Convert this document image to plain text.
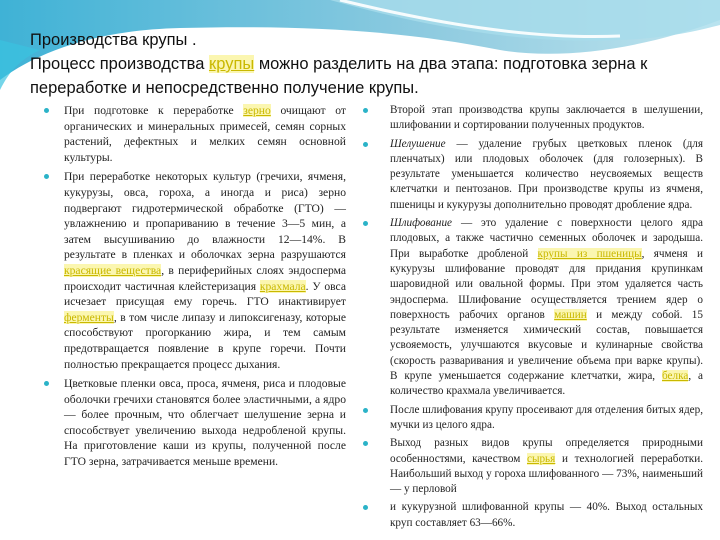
Производства крупы .
Процесс производства крупы можно разделить на два этапа: подготовка зерна к переработке и непосредственно получение крупы.
При подготовке к переработке зерно очищают от органических и минеральных примесей, семян сорных растений, дефектных и мелких семян основной культуры.
При переработке некоторых культур (гречихи, ячменя, кукурузы, овса, гороха, а иногда и риса) зерно подвергают гидротермической обработке (ГТО) — увлажнению и пропариванию в течение 3—5 мин, а затем высушиванию до влажности 12—14%. В результате в пленках и оболочках зерна разрушаются красящие вещества, в периферийных слоях эндосперма происходит частичная клейстеризация крахмала. У овса исчезает присущая ему горечь. ГТО инактивирует ферменты, в том числе липазу и липоксигеназу, которые способствуют прогорканию жира, и тем самым предотвращается появление в крупе горечи. Почти полностью прекращается процесс дыхания.
Цветковые пленки овса, проса, ячменя, риса и плодовые оболочки гречихи становятся более эластичными, а ядро — более прочным, что облегчает шелушение зерна и способствует увеличению выхода недробленой крупы. На приготовление каши из крупы, полученной после ГТО зерна, затрачивается меньше времени.
Второй этап производства крупы заключается в шелушении, шлифовании и сортировании полученных продуктов.
Шелушение — удаление грубых цветковых пленок (для пленчатых) или плодовых оболочек (для голозерных). В результате уменьшается количество неусвояемых веществ клетчатки и пентозанов. При производстве крупы из ячменя, пшеницы и кукурузы дополнительно проводят дробление ядра.
Шлифование — это удаление с поверхности целого ядра плодовых, а также частично семенных оболочек и зародыша. При выработке дробленой крупы из пшеницы, ячменя и кукурузы шлифование проводят для придания крупинкам шаровидной или овальной формы. При этом удаляется часть эндосперма. Шлифование осуществляется трением ядер о поверхность рабочих органов машин и между собой. 15 результате изменяется химический состав, повышается усвояемость, улучшаются вкусовые и кулинарные свойства (скорость разваривания и увеличение объема при варке крупы). В крупе уменьшается содержание клетчатки, жира, белка, а количество крахмала увеличивается.
После шлифования крупу просеивают для отделения битых ядер, мучки из целого ядра.
Выход разных видов крупы определяется природными особенностями, качеством сырья и технологией переработки. Наибольший выход у гороха шлифованного — 73%, наименьший — у перловой
и кукурузной шлифованной крупы — 40%. Выход остальных круп составляет 63—66%.
